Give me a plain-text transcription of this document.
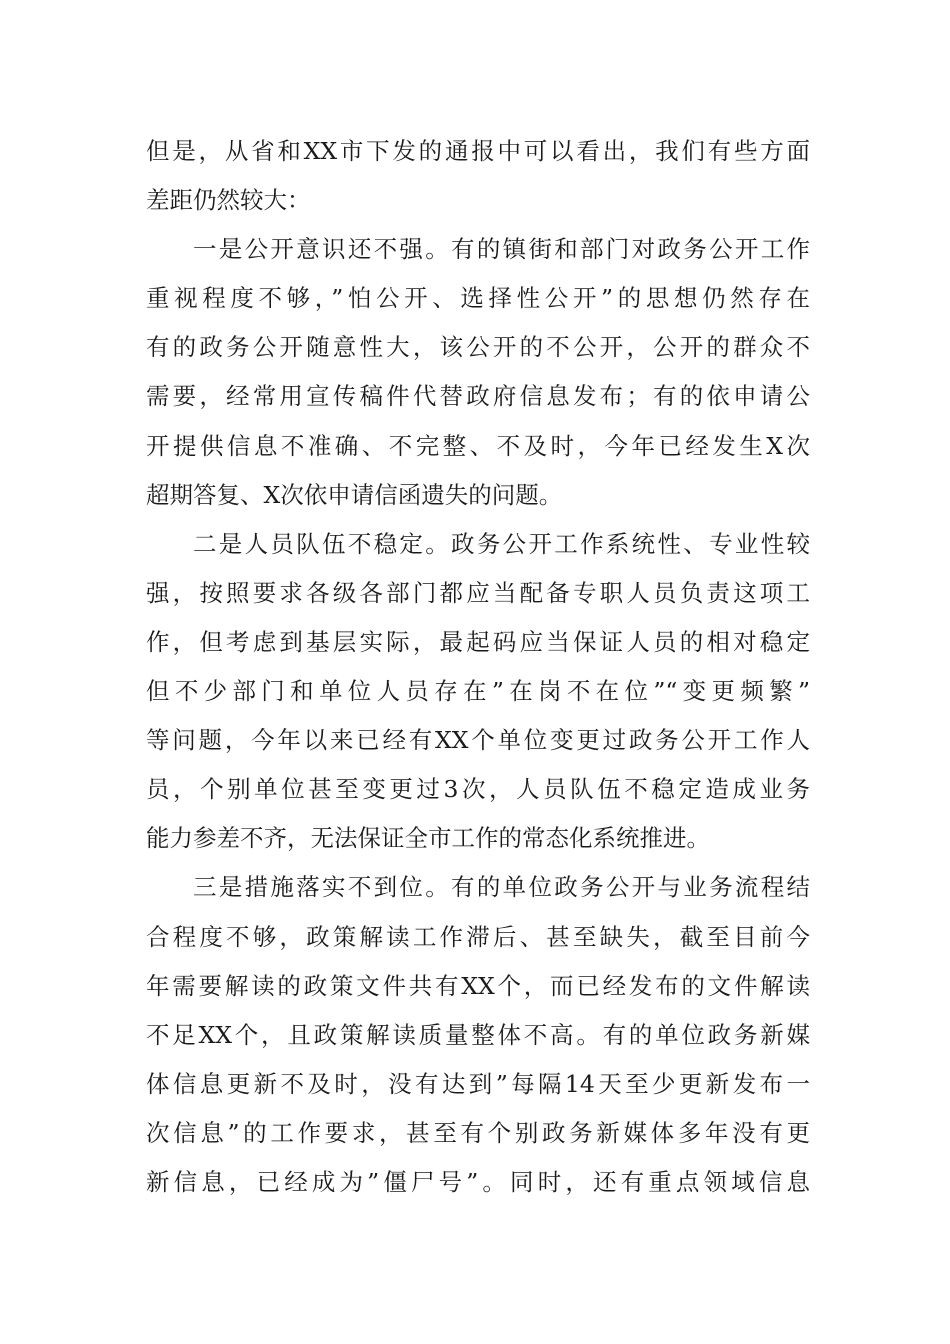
但是，从省和XX市下发的通报中可以看出，我们有些方面
差距仍然较大：
一是公开意识还不强。有的镇街和部门对政务公开工作
重视程度不够，”怕公开、选择性公开”的思想仍然存在
有的政务公开随意性大，该公开的不公开，公开的群众不
需要，经常用宣传稿件代替政府信息发布；有的依申请公
开提供信息不准确、不完整、不及时，今年已经发生X次
超期答复、X次依申请信函遗失的问题。
二是人员队伍不稳定。政务公开工作系统性、专业性较
强，按照要求各级各部门都应当配备专职人员负责这项工
作，但考虑到基层实际，最起码应当保证人员的相对稳定
但不少部门和单位人员存在”在岗不在位”“变更频繁”
等问题，今年以来已经有XX个单位变更过政务公开工作人
员，个别单位甚至变更过3次，人员队伍不稳定造成业务
能力参差不齐，无法保证全市工作的常态化系统推进。
三是措施落实不到位。有的单位政务公开与业务流程结
合程度不够，政策解读工作滞后、甚至缺失，截至目前今
年需要解读的政策文件共有XX个，而已经发布的文件解读
不足XX个，且政策解读质量整体不高。有的单位政务新媒
体信息更新不及时，没有达到”每隔14天至少更新发布一
次信息”的工作要求，甚至有个别政务新媒体多年没有更
新信息，已经成为”僵尸号”。同时，还有重点领域信息
